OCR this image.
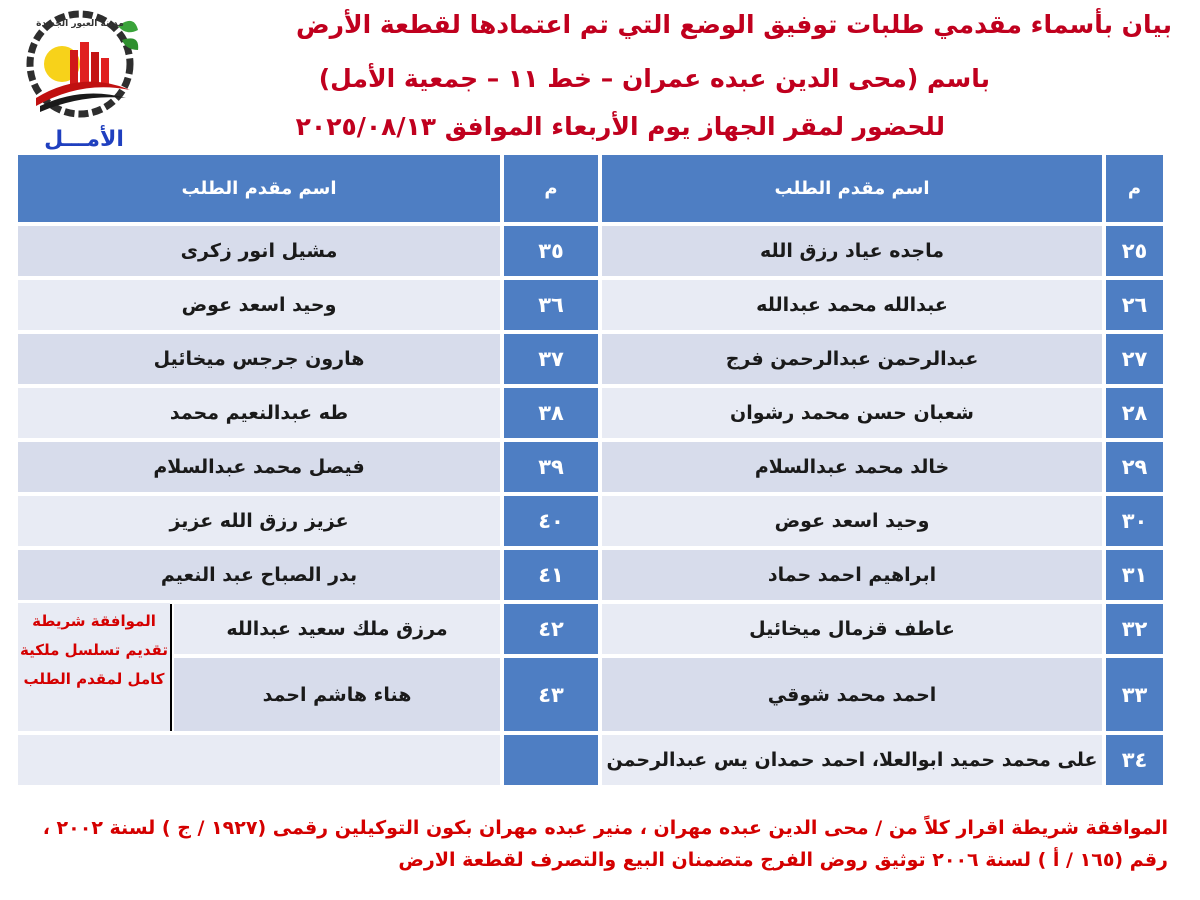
مدينة العبور الجديدة
الأمـــل
بيان بأسماء مقدمي طلبات توفيق الوضع التي تم اعتمادها لقطعة الأرض
باسم (محى الدين عبده عمران – خط ١١ – جمعية الأمل)
للحضور لمقر الجهاز يوم الأربعاء الموافق ٢٠٢٥/٠٨/١٣
م
اسم مقدم الطلب
م
اسم مقدم الطلب
٢٥
ماجده عياد رزق الله
٢٦
عبدالله محمد عبدالله
٢٧
عبدالرحمن عبدالرحمن فرج
٢٨
شعبان حسن محمد رشوان
٢٩
خالد محمد عبدالسلام
٣٠
وحيد اسعد عوض
٣١
ابراهيم احمد حماد
٣٢
عاطف قزمال ميخائيل
٣٣
احمد محمد شوقي
٣٤
على محمد حميد ابوالعلا، احمد حمدان يس عبدالرحمن
٣٥
مشيل انور زكرى
٣٦
وحيد اسعد عوض
٣٧
هارون جرجس ميخائيل
٣٨
طه عبدالنعيم محمد
٣٩
فيصل محمد عبدالسلام
٤٠
عزيز رزق الله عزيز
٤١
بدر الصباح عبد النعيم
٤٢
مرزق ملك سعيد عبدالله
٤٣
هناء هاشم احمد
الموافقة شريطة تقديم تسلسل ملكية كامل لمقدم الطلب
الموافقة شريطة اقرار كلاً من / محى الدين عبده مهران ، منير عبده مهران بكون التوكيلين رقمى (١٩٢٧ / ج ) لسنة ٢٠٠٢ ، رقم (١٦٥ / أ ) لسنة ٢٠٠٦ توثيق روض الفرج متضمنان البيع والتصرف لقطعة الارض
